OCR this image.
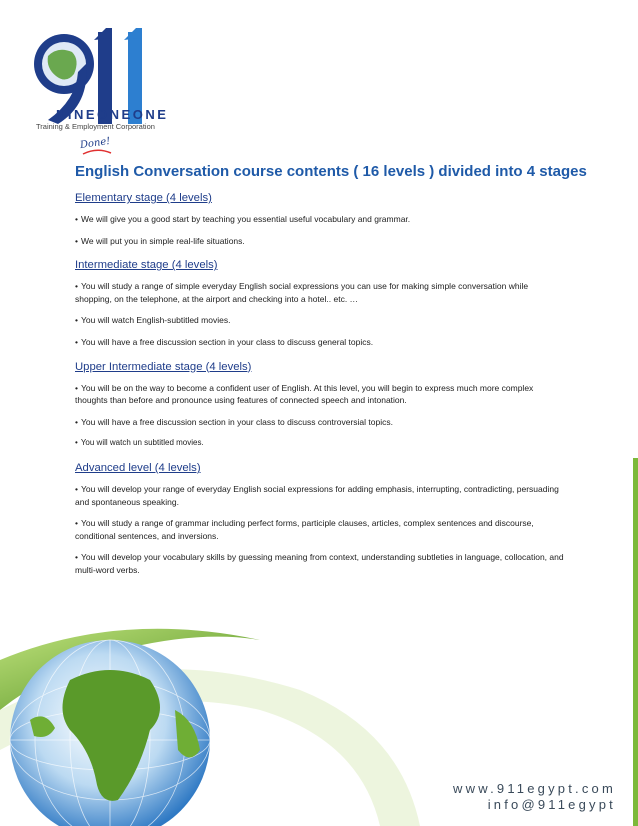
NINEONEONE
Training & Employment Corporation
Done!
English Conversation course contents ( 16 levels ) divided into 4 stages
Elementary stage (4 levels)
• We will give you a good start by teaching you essential useful vocabulary and grammar.
• We will put you in simple real-life situations.
Intermediate stage (4 levels)
• You will study a range of simple everyday English social expressions you can use for making simple conversation while shopping, on the telephone, at the airport and checking into a hotel.. etc. …
• You will watch English-subtitled movies.
• You will have a free discussion section in your class to discuss general topics.
Upper Intermediate stage (4 levels)
• You will be on the way to become a confident user of English. At this level, you will begin to express much more complex thoughts than before and pronounce using features of connected speech and intonation.
• You will have a free discussion section in your class to discuss controversial topics.
• You will watch un subtitled movies.
Advanced level (4 levels)
• You will develop your range of everyday English social expressions for adding emphasis, interrupting, contradicting, persuading and spontaneous speaking.
• You will study a range of grammar including perfect forms, participle clauses, articles, complex sentences and discourse, conditional sentences, and inversions.
• You will develop your vocabulary skills by guessing meaning from context, understanding subtleties in language, collocation, and multi-word verbs.
www.911egypt.com
info@911egypt
